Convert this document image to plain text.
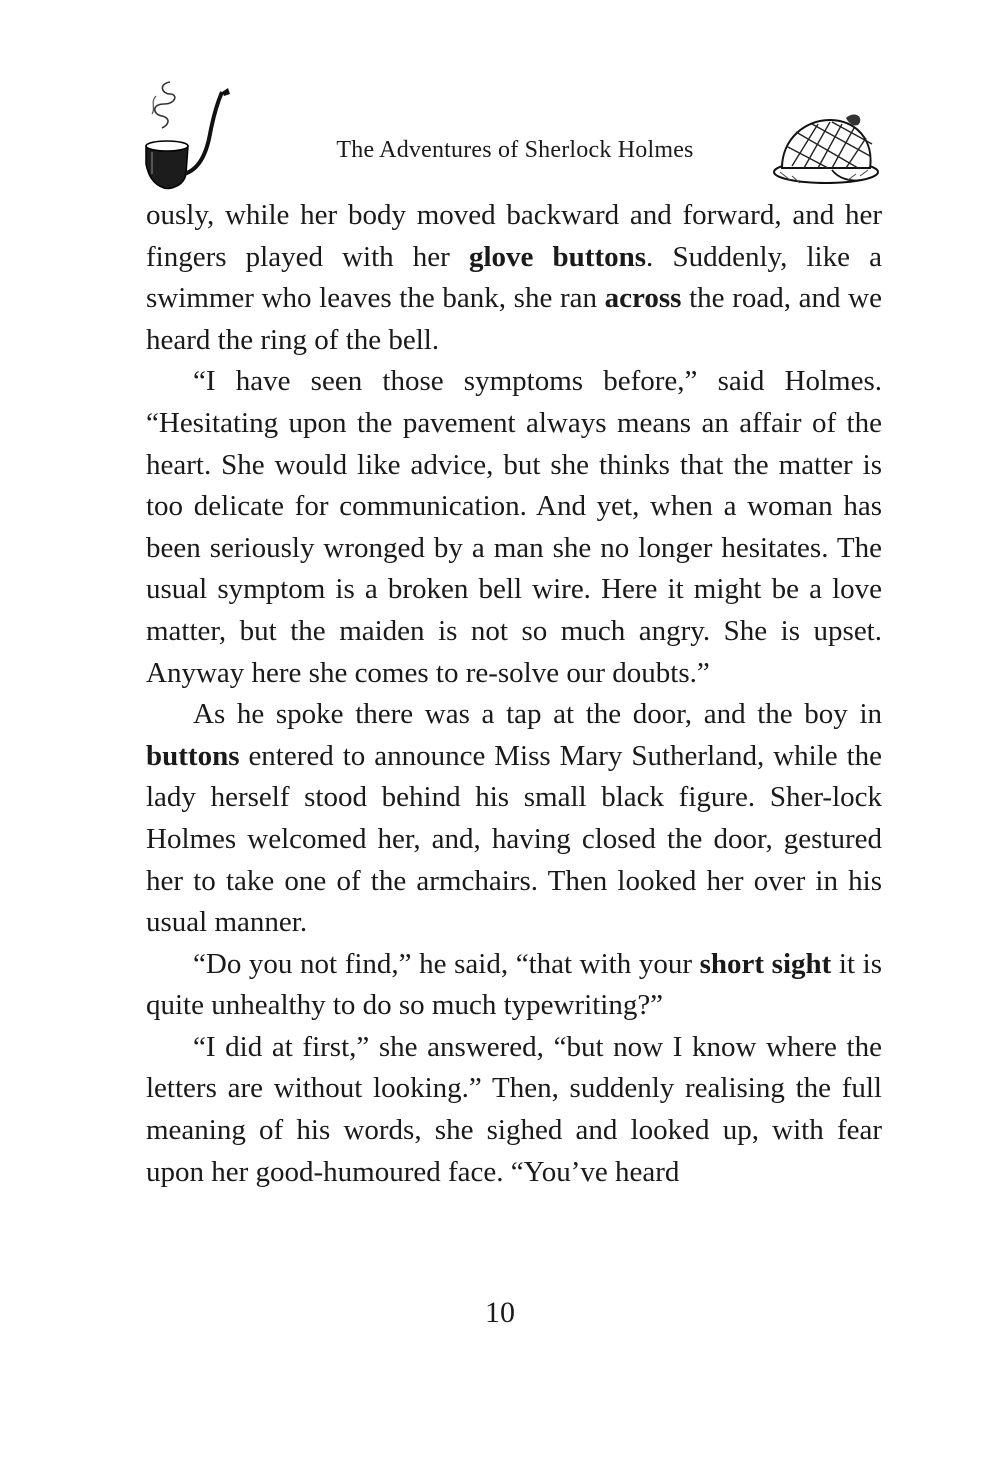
The Adventures of Sherlock Holmes

ously, while her body moved backward and forward, and her fingers played with her glove buttons. Suddenly, like a swimmer who leaves the bank, she ran across the road, and we heard the ring of the bell.

“I have seen those symptoms before,” said Holmes. “Hesitating upon the pavement always means an affair of the heart. She would like advice, but she thinks that the matter is too delicate for communication. And yet, when a woman has been seriously wronged by a man she no longer hesitates. The usual symptom is a broken bell wire. Here it might be a love matter, but the maiden is not so much angry. She is upset. Anyway here she comes to re-solve our doubts.”

As he spoke there was a tap at the door, and the boy in buttons entered to announce Miss Mary Sutherland, while the lady herself stood behind his small black figure. Sher-lock Holmes welcomed her, and, having closed the door, gestured her to take one of the armchairs. Then looked her over in his usual manner.

“Do you not find,” he said, “that with your short sight it is quite unhealthy to do so much typewriting?”

“I did at first,” she answered, “but now I know where the letters are without looking.” Then, suddenly realising the full meaning of his words, she sighed and looked up, with fear upon her good-humoured face. “You’ve heard

10
